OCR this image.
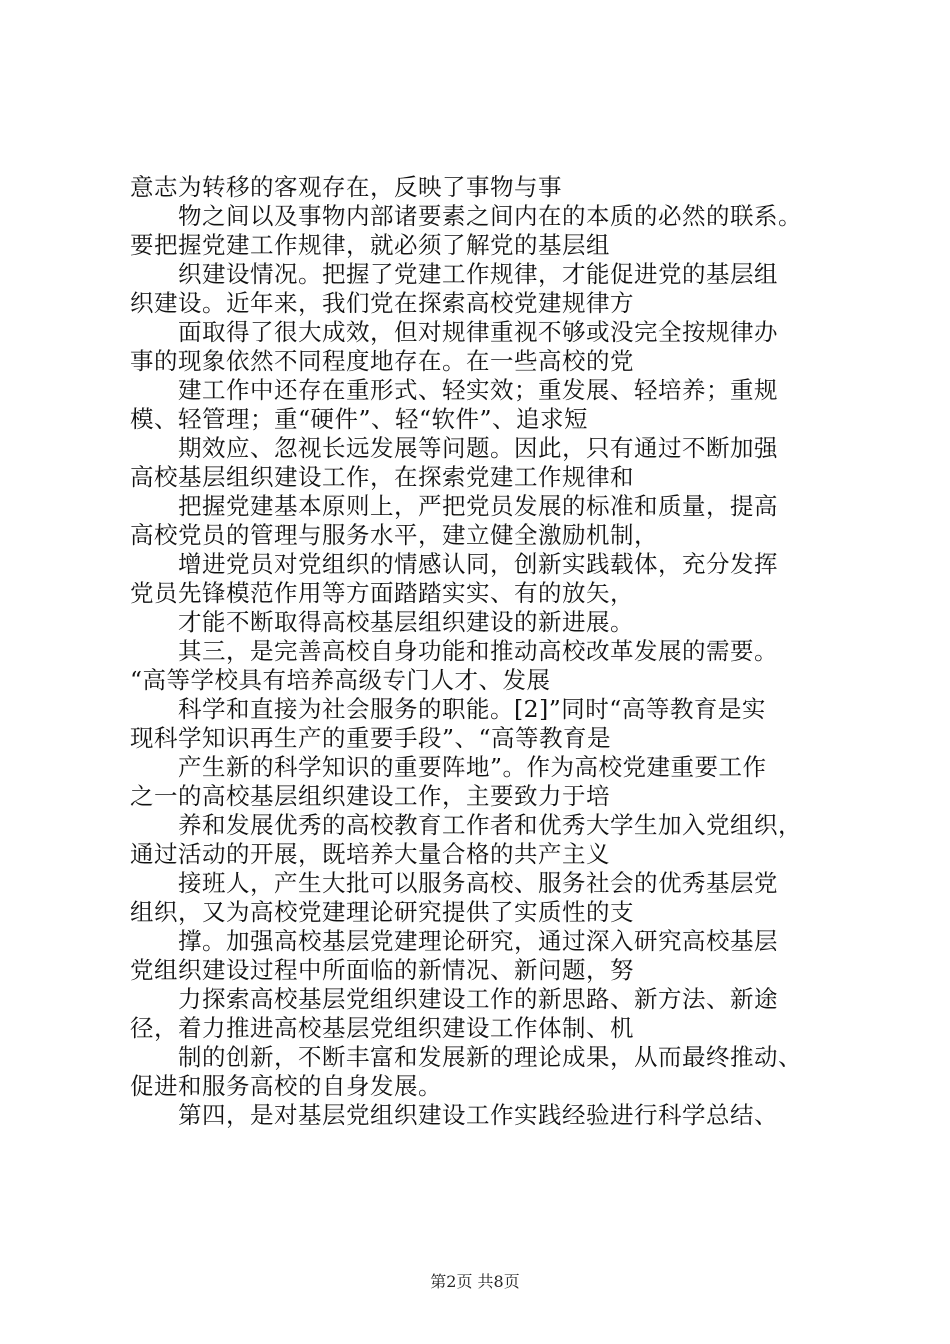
意志为转移的客观存在，反映了事物与事
物之间以及事物内部诸要素之间内在的本质的必然的联系。
要把握党建工作规律，就必须了解党的基层组
织建设情况。把握了党建工作规律，才能促进党的基层组
织建设。近年来，我们党在探索高校党建规律方
面取得了很大成效，但对规律重视不够或没完全按规律办
事的现象依然不同程度地存在。在一些高校的党
建工作中还存在重形式、轻实效；重发展、轻培养；重规
模、轻管理；重“硬件”、轻“软件”、追求短
期效应、忽视长远发展等问题。因此，只有通过不断加强
高校基层组织建设工作，在探索党建工作规律和
把握党建基本原则上，严把党员发展的标准和质量，提高
高校党员的管理与服务水平，建立健全激励机制，
增进党员对党组织的情感认同，创新实践载体，充分发挥
党员先锋模范作用等方面踏踏实实、有的放矢，
才能不断取得高校基层组织建设的新进展。
其三，是完善高校自身功能和推动高校改革发展的需要。
“高等学校具有培养高级专门人才、发展
科学和直接为社会服务的职能。[2]”同时“高等教育是实
现科学知识再生产的重要手段”、“高等教育是
产生新的科学知识的重要阵地”。作为高校党建重要工作
之一的高校基层组织建设工作，主要致力于培
养和发展优秀的高校教育工作者和优秀大学生加入党组织，
通过活动的开展，既培养大量合格的共产主义
接班人，产生大批可以服务高校、服务社会的优秀基层党
组织，又为高校党建理论研究提供了实质性的支
撑。加强高校基层党建理论研究，通过深入研究高校基层
党组织建设过程中所面临的新情况、新问题，努
力探索高校基层党组织建设工作的新思路、新方法、新途
径，着力推进高校基层党组织建设工作体制、机
制的创新，不断丰富和发展新的理论成果，从而最终推动、
促进和服务高校的自身发展。
第四，是对基层党组织建设工作实践经验进行科学总结、
第2页 共8页
